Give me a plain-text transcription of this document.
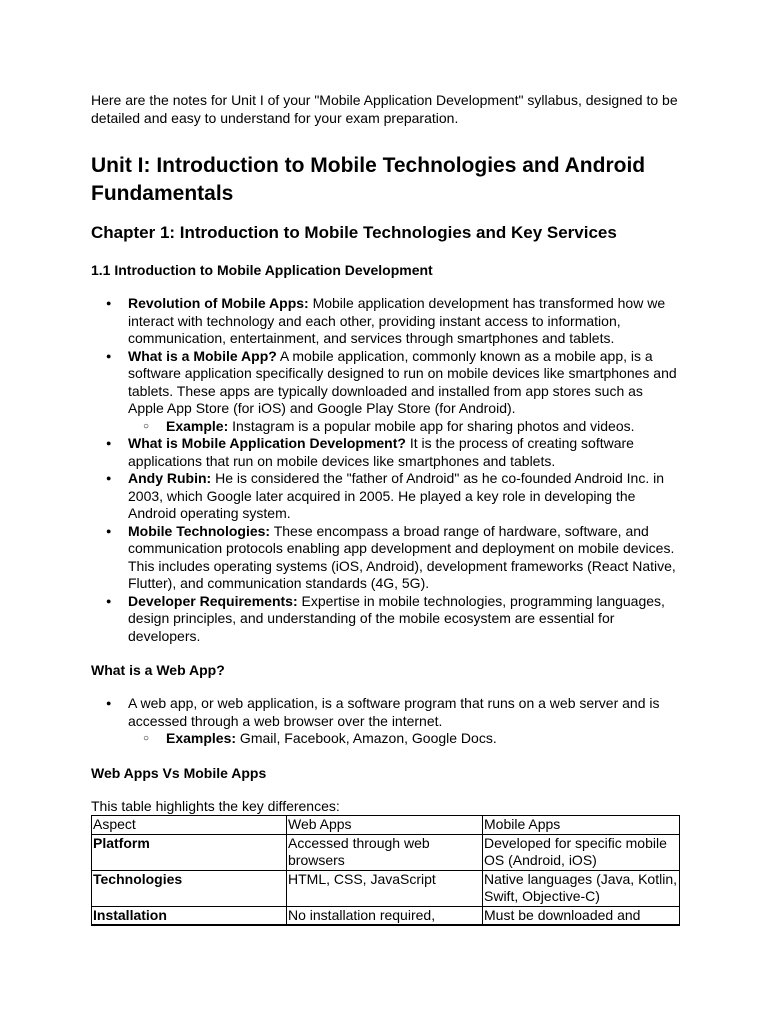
Here are the notes for Unit I of your "Mobile Application Development" syllabus, designed to be detailed and easy to understand for your exam preparation.

Unit I: Introduction to Mobile Technologies and Android Fundamentals
Chapter 1: Introduction to Mobile Technologies and Key Services
1.1 Introduction to Mobile Application Development
● Revolution of Mobile Apps: Mobile application development has transformed how we interact with technology and each other, providing instant access to information, communication, entertainment, and services through smartphones and tablets.
● What is a Mobile App? A mobile application, commonly known as a mobile app, is a software application specifically designed to run on mobile devices like smartphones and tablets. These apps are typically downloaded and installed from app stores such as Apple App Store (for iOS) and Google Play Store (for Android).
○ Example: Instagram is a popular mobile app for sharing photos and videos.
● What is Mobile Application Development? It is the process of creating software applications that run on mobile devices like smartphones and tablets.
● Andy Rubin: He is considered the "father of Android" as he co-founded Android Inc. in 2003, which Google later acquired in 2005. He played a key role in developing the Android operating system.
● Mobile Technologies: These encompass a broad range of hardware, software, and communication protocols enabling app development and deployment on mobile devices. This includes operating systems (iOS, Android), development frameworks (React Native, Flutter), and communication standards (4G, 5G).
● Developer Requirements: Expertise in mobile technologies, programming languages, design principles, and understanding of the mobile ecosystem are essential for developers.
What is a Web App?
● A web app, or web application, is a software program that runs on a web server and is accessed through a web browser over the internet.
○ Examples: Gmail, Facebook, Amazon, Google Docs.
Web Apps Vs Mobile Apps

This table highlights the key differences:

Aspect	Web Apps	Mobile Apps
Platform	Accessed through web browsers	Developed for specific mobile OS (Android, iOS)
Technologies	HTML, CSS, JavaScript	Native languages (Java, Kotlin, Swift, Objective-C)
Installation	No installation required,	Must be downloaded and
